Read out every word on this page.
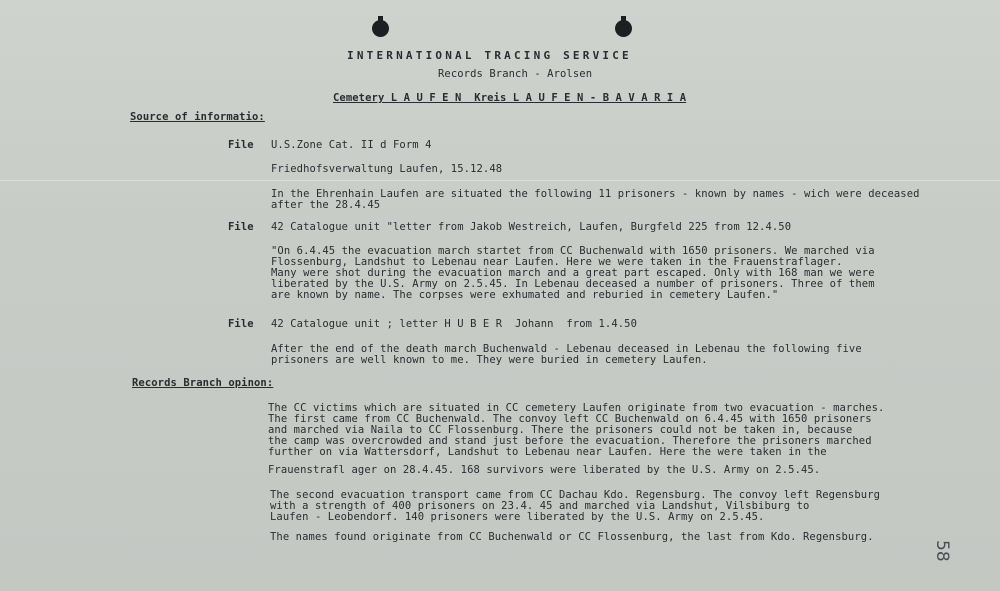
INTERNATIONAL TRACING SERVICE
Records Branch - Arolsen
Cemetery L A U F E N  Kreis L A U F E N - B A V A R I A
Source of informatio:
File U.S.Zone Cat. II d Form 4
Friedhofsverwaltung Laufen, 15.12.48
In the Ehrenhain Laufen are situated the following 11 prisoners - known by names - wich were deceased
after the 28.4.45
File 42 Catalogue unit "letter from Jakob Westreich, Laufen, Burgfeld 225 from 12.4.50
"On 6.4.45 the evacuation march startet from CC Buchenwald with 1650 prisoners. We marched via
Flossenburg, Landshut to Lebenau near Laufen. Here we were taken in the Frauenstraflager.
Many were shot during the evacuation march and a great part escaped. Only with 168 man we were
liberated by the U.S. Army on 2.5.45. In Lebenau deceased a number of prisoners. Three of them
are known by name. The corpses were exhumated and reburied in cemetery Laufen."
File 42 Catalogue unit ; letter H U B E R  Johann  from 1.4.50
After the end of the death march Buchenwald - Lebenau deceased in Lebenau the following five
prisoners are well known to me. They were buried in cemetery Laufen.
Records Branch opinon:
The CC victims which are situated in CC cemetery Laufen originate from two evacuation - marches.
The first came from CC Buchenwald. The convoy left CC Buchenwald on 6.4.45 with 1650 prisoners
and marched via Naila to CC Flossenburg. There the prisoners could not be taken in, because
the camp was overcrowded and stand just before the evacuation. Therefore the prisoners marched
further on via Wattersdorf, Landshut to Lebenau near Laufen. Here the were taken in the
Frauenstrafl ager on 28.4.45. 168 survivors were liberated by the U.S. Army on 2.5.45.
The second evacuation transport came from CC Dachau Kdo. Regensburg. The convoy left Regensburg
with a strength of 400 prisoners on 23.4. 45 and marched via Landshut, Vilsbiburg to
Laufen - Leobendorf. 140 prisoners were liberated by the U.S. Army on 2.5.45.
The names found originate from CC Buchenwald or CC Flossenburg, the last from Kdo. Regensburg.
58
